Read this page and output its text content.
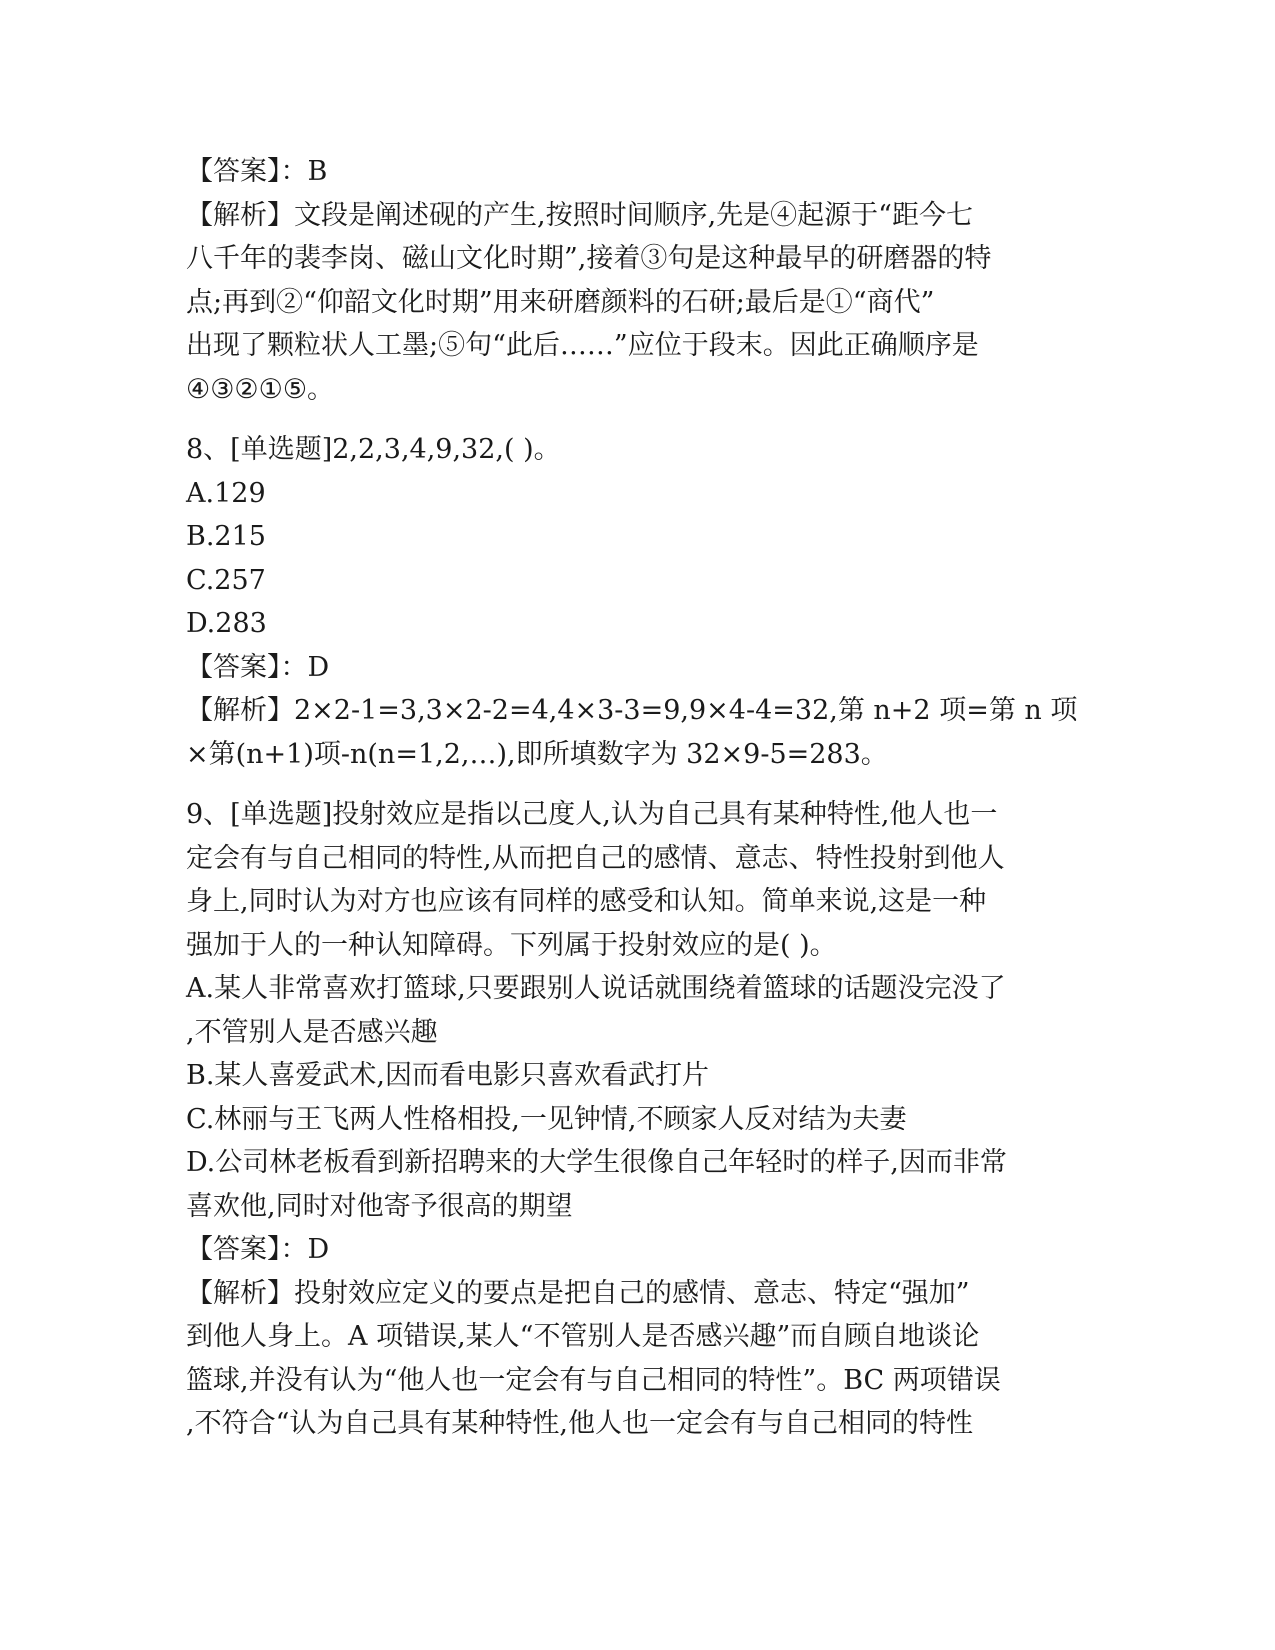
【答案】：B
【解析】文段是阐述砚的产生,按照时间顺序,先是④起源于“距今七
八千年的裴李岗、磁山文化时期”,接着③句是这种最早的研磨器的特
点;再到②“仰韶文化时期”用来研磨颜料的石研;最后是①“商代”
出现了颗粒状人工墨;⑤句“此后……”应位于段末。因此正确顺序是
④③②①⑤。
8、[单选题]2,2,3,4,9,32,( )。
A.129
B.215
C.257
D.283
【答案】：D
【解析】2×2-1=3,3×2-2=4,4×3-3=9,9×4-4=32,第 n+2 项=第 n 项
×第(n+1)项-n(n=1,2,…),即所填数字为 32×9-5=283。
9、[单选题]投射效应是指以己度人,认为自己具有某种特性,他人也一
定会有与自己相同的特性,从而把自己的感情、意志、特性投射到他人
身上,同时认为对方也应该有同样的感受和认知。简单来说,这是一种
强加于人的一种认知障碍。下列属于投射效应的是( )。
A.某人非常喜欢打篮球,只要跟别人说话就围绕着篮球的话题没完没了
,不管别人是否感兴趣
B.某人喜爱武术,因而看电影只喜欢看武打片
C.林丽与王飞两人性格相投,一见钟情,不顾家人反对结为夫妻
D.公司林老板看到新招聘来的大学生很像自己年轻时的样子,因而非常
喜欢他,同时对他寄予很高的期望
【答案】：D
【解析】投射效应定义的要点是把自己的感情、意志、特定“强加”
到他人身上。A 项错误,某人“不管别人是否感兴趣”而自顾自地谈论
篮球,并没有认为“他人也一定会有与自己相同的特性”。BC 两项错误
,不符合“认为自己具有某种特性,他人也一定会有与自己相同的特性
